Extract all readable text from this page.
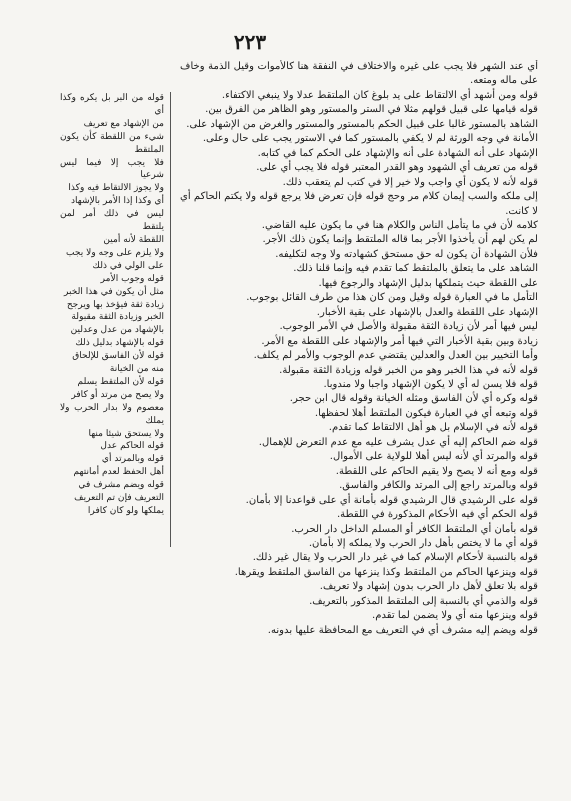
٢٢٣

أي عند الشهر فلا يجب على غيره والاختلاف في النفقة هنا كالأموات وقيل الذمة وخاف على ماله ومتعه.

قوله ومن أشهد أي الالتقاط على يد بلوغ كان الملتقط عدلا ولا ينبغي الاكتفاء.

قوله قيامها على قبيل قولهم مثلا في الستر والمستور وهو الظاهر من الفرق بين.

الشاهد بالمستور غالبا على قبيل الحكم بالمستور والمستور والغرض من الإشهاد على.

الأمانة في وجه الورثة لم لا يكفي بالمستور كما في الاستور يجب على حال وعلى.

الإشهاد على أنه الشهادة على أنه والإشهاد على الحكم كما في كتابه.

قوله من تعريف أي الشهود وهو القدر المعتبر قوله فلا يجب أي على.

قوله لأنه لا يكون أي واجب ولا خير إلا في كتب لم يتعقب ذلك.

إلى ملكه والسب إيمان كلام مر وحج قوله فإن تعرض فلا يرجع قوله ولا يكتم الحاكم أي لا كانت.

كلامه لأن في ما يتأمل الناس والكلام هنا في ما يكون عليه القاضي.

لم يكن لهم أن يأخذوا الأجر بما قاله الملتقط وإنما يكون ذلك الأجر.

فلأن الشهادة أن يكون له حق مستحق كشهادته ولا وجه لتكليفه.

الشاهد على ما يتعلق بالملتقط كما تقدم فيه وإنما قلنا ذلك.

على اللقطة حيث يتملكها بدليل الإشهاد والرجوع فيها.

التأمل ما في العبارة قوله وقيل ومن كان هذا من طرف القائل بوجوب.

الإشهاد على اللقطة والعدل بالإشهاد على بقية الأخبار.

ليس فيها أمر لأن زيادة الثقة مقبولة والأصل في الأمر الوجوب.

زيادة وبين بقية الأخبار التي فيها أمر والإشهاد على اللقطة مع الأمر.

وأما التخيير بين العدل والعدلين يقتضي عدم الوجوب والأمر لم يكلف.

قوله لأنه في هذا الخبر وهو من الخبر قوله وزيادة الثقة مقبولة.

قوله فلا يسن له أي لا يكون الإشهاد واجبا ولا مندوبا.

قوله وكره أي لأن الفاسق ومثله الخيانة وقوله قال ابن حجر.

قوله وتبعه أي في العبارة فيكون الملتقط أهلا لحفظها.

قوله لأنه في الإسلام بل هو أهل الالتقاط كما تقدم.

قوله ضم الحاكم إليه أي عدل يشرف عليه مع عدم التعرض للإهمال.

قوله والمرتد أي لأنه ليس أهلا للولاية على الأموال.

قوله ومع أنه لا يصح ولا يقيم الحاكم على اللقطة.

قوله وبالمرتد راجع إلى المرتد والكافر والفاسق.

قوله على الرشيدي قال الرشيدي قوله بأمانة أي على قواعدنا إلا بأمان.

قوله الحكم أي فيه الأحكام المذكورة في اللقطة.

قوله بأمان أي الملتقط الكافر أو المسلم الداخل دار الحرب.

قوله أي ما لا يختص بأهل دار الحرب ولا يملكه إلا بأمان.

قوله بالنسبة لأحكام الإسلام كما في غير دار الحرب ولا يقال غير ذلك.

قوله وينزعها الحاكم من الملتقط وكذا ينزعها من الفاسق الملتقط ويقرها.

قوله بلا تعلق لأهل دار الحرب بدون إشهاد ولا تعريف.

قوله والذمي أي بالنسبة إلى الملتقط المذكور بالتعريف.

قوله وينزعها منه أي ولا يضمن لما تقدم.

قوله ويضم إليه مشرف أي في التعريف مع المحافظة عليها بدونه.

قوله من البر بل يكره وكذا أي

من الإشهاد مع تعريف

شيء من اللقطة كأن يكون الملتقط

فلا يجب إلا فيما ليس شرعيا

ولا يجوز الالتقاط فيه وكذا

أي وكذا إذا الأمر بالإشهاد

ليس في ذلك أمر لمن يلتقط

اللقطة لأنه أمين

ولا يلزم على وجه ولا يجب

على الولي في ذلك

قوله وجوب الأمر

مثل أن يكون في هذا الخبر

زيادة ثقة فيؤخذ بها ويرجح

الخبر وزيادة الثقة مقبولة

بالإشهاد من عدل وعدلين

قوله بالإشهاد بدليل ذلك

قوله لأن الفاسق للإلحاق

منه من الخيانة

قوله لأن الملتقط يسلم

ولا يصح من مرتد أو كافر

معصوم ولا بدار الحرب ولا يملك

ولا يستحق شيئا منها

قوله الحاكم عدل

قوله وبالمرتد أي

أهل الحفظ لعدم أمانتهم

قوله ويضم مشرف في

التعريف فإن تم التعريف

يملكها ولو كان كافرا
